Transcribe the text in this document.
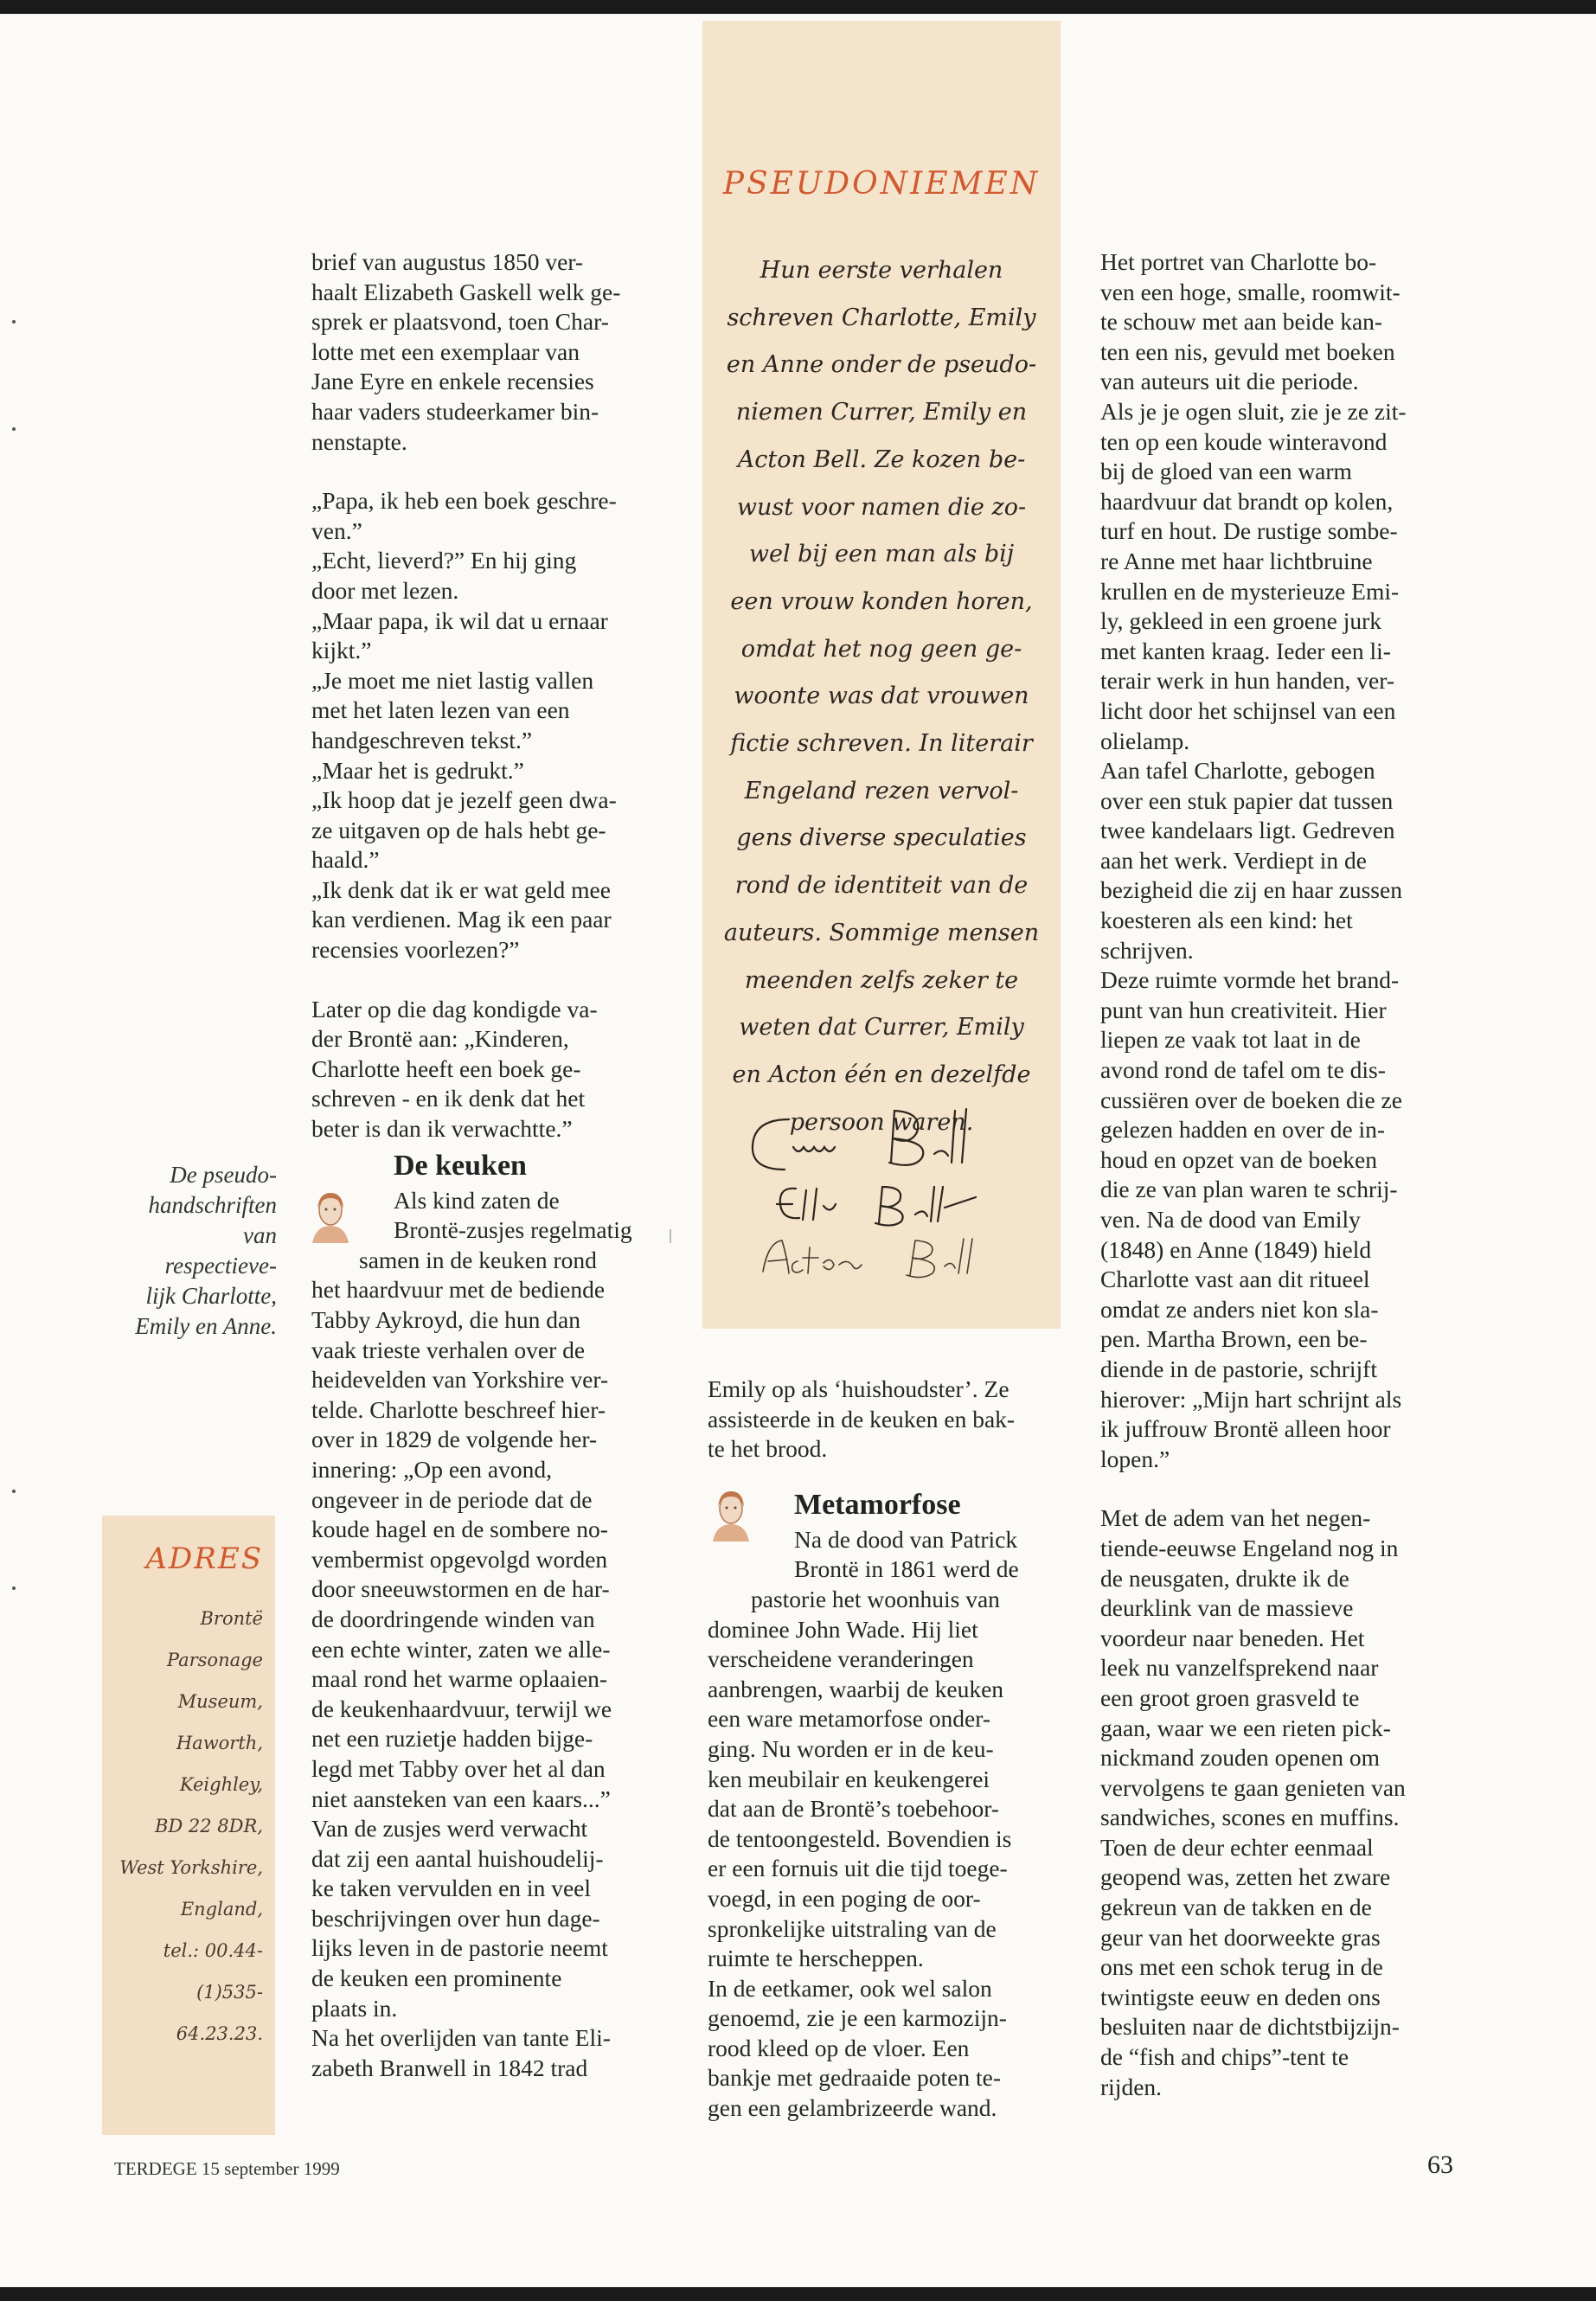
De pseudo-
handschriften
van respectieve-
lijk Charlotte,
Emily en Anne.
ADRES
Brontë
Parsonage
Museum,
Haworth,
Keighley,
BD 22 8DR,
West Yorkshire,
England,
tel.: 00.44-
(1)535-
64.23.23.

brief van augustus 1850 ver-
haalt Elizabeth Gaskell welk ge-
sprek er plaatsvond, toen Char-
lotte met een exemplaar van
Jane Eyre en enkele recensies
haar vaders studeerkamer bin-
nenstapte.

„Papa, ik heb een boek geschre-
ven.”
„Echt, lieverd?” En hij ging
door met lezen.
„Maar papa, ik wil dat u ernaar
kijkt.”
„Je moet me niet lastig vallen
met het laten lezen van een
handgeschreven tekst.”
„Maar het is gedrukt.”
„Ik hoop dat je jezelf geen dwa-
ze uitgaven op de hals hebt ge-
haald.”
„Ik denk dat ik er wat geld mee
kan verdienen. Mag ik een paar
recensies voorlezen?”

Later op die dag kondigde va-
der Brontë aan: „Kinderen,
Charlotte heeft een boek ge-
schreven - en ik denk dat het
beter is dan ik verwachtte.”

De keuken

Als kind zaten de
Brontë-zusjes regelmatig
samen in de keuken rond
het haardvuur met de bediende
Tabby Aykroyd, die hun dan
vaak trieste verhalen over de
heidevelden van Yorkshire ver-
telde. Charlotte beschreef hier-
over in 1829 de volgende her-
innering: „Op een avond,
ongeveer in de periode dat de
koude hagel en de sombere no-
vembermist opgevolgd worden
door sneeuwstormen en de har-
de doordringende winden van
een echte winter, zaten we alle-
maal rond het warme oplaaien-
de keukenhaardvuur, terwijl we
net een ruzietje hadden bijge-
legd met Tabby over het al dan
niet aansteken van een kaars...”
Van de zusjes werd verwacht
dat zij een aantal huishoudelij-
ke taken vervulden en in veel
beschrijvingen over hun dage-
lijks leven in de pastorie neemt
de keuken een prominente
plaats in.
Na het overlijden van tante Eli-
zabeth Branwell in 1842 trad

PSEUDONIEMEN
Hun eerste verhalen
schreven Charlotte, Emily
en Anne onder de pseudo-
niemen Currer, Emily en
Acton Bell. Ze kozen be-
wust voor namen die zo-
wel bij een man als bij
een vrouw konden horen,
omdat het nog geen ge-
woonte was dat vrouwen
fictie schreven. In literair
Engeland rezen vervol-
gens diverse speculaties
rond de identiteit van de
auteurs. Sommige mensen
meenden zelfs zeker te
weten dat Currer, Emily
en Acton één en dezelfde
persoon waren.

Emily op als ‘huishoudster’. Ze
assisteerde in de keuken en bak-
te het brood.

Metamorfose

Na de dood van Patrick
Brontë in 1861 werd de
pastorie het woonhuis van
dominee John Wade. Hij liet
verscheidene veranderingen
aanbrengen, waarbij de keuken
een ware metamorfose onder-
ging. Nu worden er in de keu-
ken meubilair en keukengerei
dat aan de Brontë’s toebehoor-
de tentoongesteld. Bovendien is
er een fornuis uit die tijd toege-
voegd, in een poging de oor-
spronkelijke uitstraling van de
ruimte te herscheppen.
In de eetkamer, ook wel salon
genoemd, zie je een karmozijn-
rood kleed op de vloer. Een
bankje met gedraaide poten te-
gen een gelambrizeerde wand.

Het portret van Charlotte bo-
ven een hoge, smalle, roomwit-
te schouw met aan beide kan-
ten een nis, gevuld met boeken
van auteurs uit die periode.
Als je je ogen sluit, zie je ze zit-
ten op een koude winteravond
bij de gloed van een warm
haardvuur dat brandt op kolen,
turf en hout. De rustige sombe-
re Anne met haar lichtbruine
krullen en de mysterieuze Emi-
ly, gekleed in een groene jurk
met kanten kraag. Ieder een li-
terair werk in hun handen, ver-
licht door het schijnsel van een
olielamp.
Aan tafel Charlotte, gebogen
over een stuk papier dat tussen
twee kandelaars ligt. Gedreven
aan het werk. Verdiept in de
bezigheid die zij en haar zussen
koesteren als een kind: het
schrijven.
Deze ruimte vormde het brand-
punt van hun creativiteit. Hier
liepen ze vaak tot laat in de
avond rond de tafel om te dis-
cussiëren over de boeken die ze
gelezen hadden en over de in-
houd en opzet van de boeken
die ze van plan waren te schrij-
ven. Na de dood van Emily
(1848) en Anne (1849) hield
Charlotte vast aan dit ritueel
omdat ze anders niet kon sla-
pen. Martha Brown, een be-
diende in de pastorie, schrijft
hierover: „Mijn hart schrijnt als
ik juffrouw Brontë alleen hoor
lopen.”

Met de adem van het negen-
tiende-eeuwse Engeland nog in
de neusgaten, drukte ik de
deurklink van de massieve
voordeur naar beneden. Het
leek nu vanzelfsprekend naar
een groot groen grasveld te
gaan, waar we een rieten pick-
nickmand zouden openen om
vervolgens te gaan genieten van
sandwiches, scones en muffins.
Toen de deur echter eenmaal
geopend was, zetten het zware
gekreun van de takken en de
geur van het doorweekte gras
ons met een schok terug in de
twintigste eeuw en deden ons
besluiten naar de dichtstbijzijn-
de “fish and chips”-tent te
rijden.

TERDEGE 15 september 1999	63
